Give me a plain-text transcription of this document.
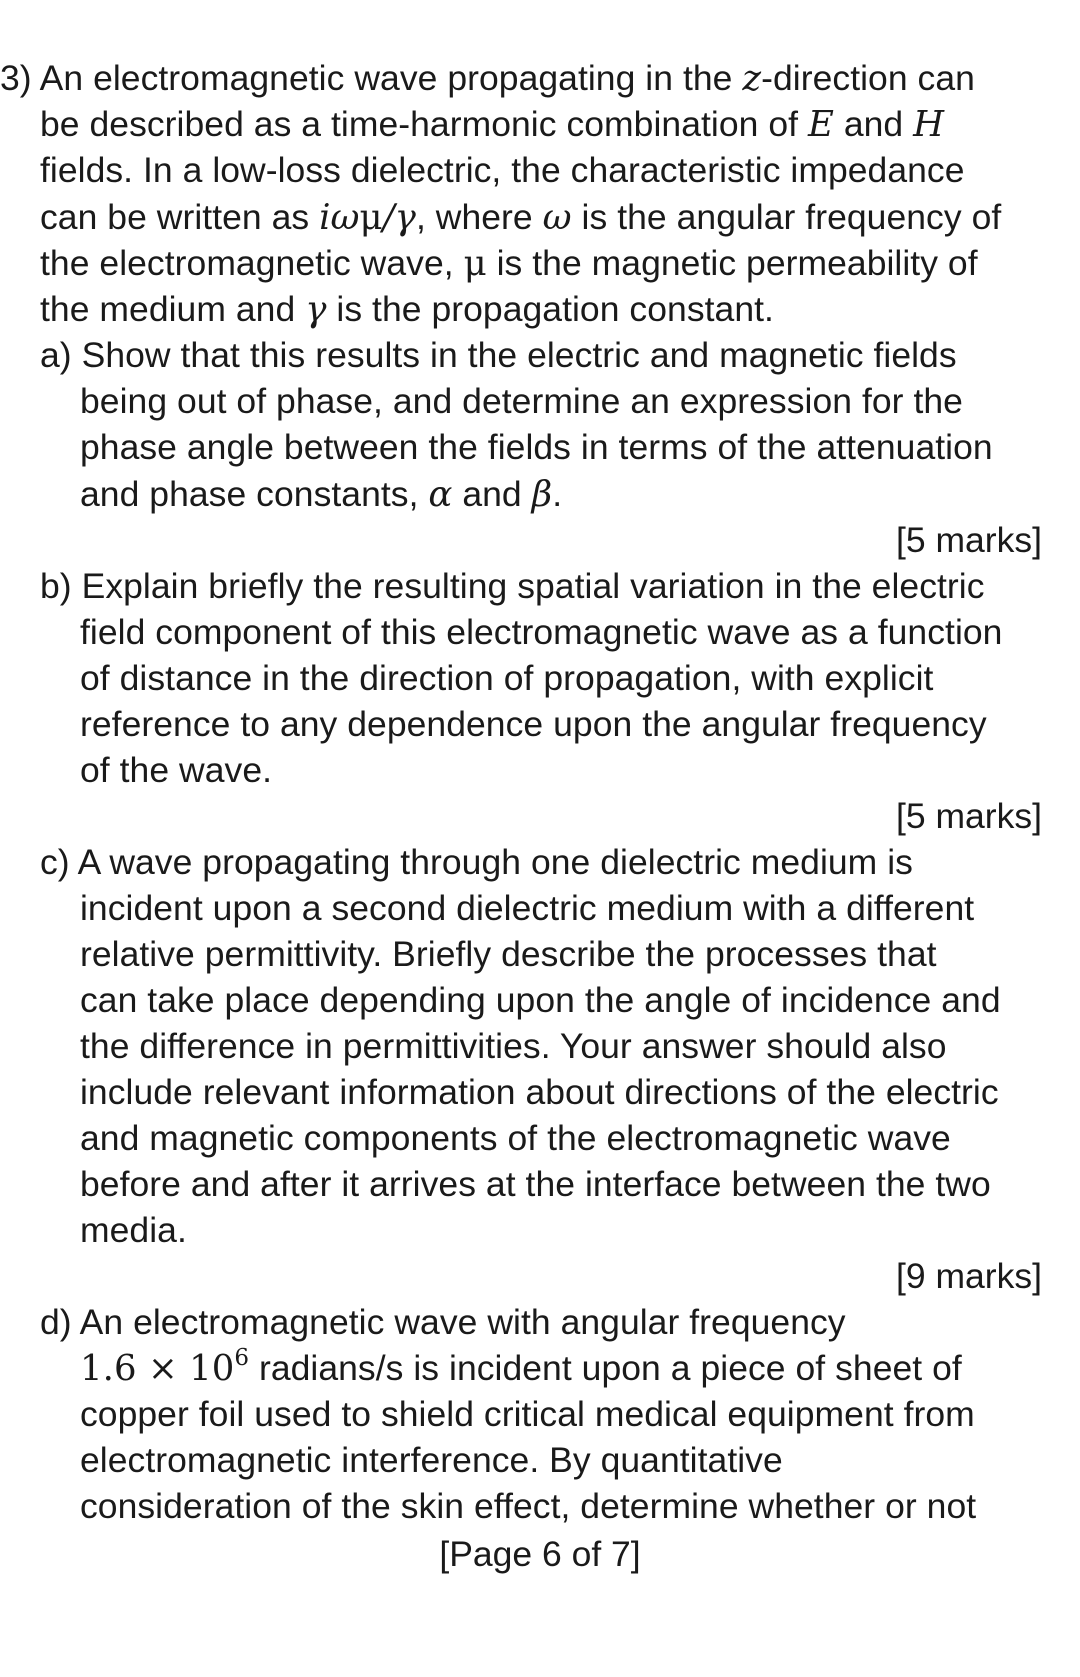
3) An electromagnetic wave propagating in the z-direction can
be described as a time-harmonic combination of E and H
fields. In a low-loss dielectric, the characteristic impedance
can be written as iωμ/γ, where ω is the angular frequency of
the electromagnetic wave, μ is the magnetic permeability of
the medium and γ is the propagation constant.
a) Show that this results in the electric and magnetic fields
being out of phase, and determine an expression for the
phase angle between the fields in terms of the attenuation
and phase constants, α and β.
[5 marks]
b) Explain briefly the resulting spatial variation in the electric
field component of this electromagnetic wave as a function
of distance in the direction of propagation, with explicit
reference to any dependence upon the angular frequency
of the wave.
[5 marks]
c) A wave propagating through one dielectric medium is
incident upon a second dielectric medium with a different
relative permittivity. Briefly describe the processes that
can take place depending upon the angle of incidence and
the difference in permittivities. Your answer should also
include relevant information about directions of the electric
and magnetic components of the electromagnetic wave
before and after it arrives at the interface between the two
media.
[9 marks]
d) An electromagnetic wave with angular frequency
$1.6 \times 10^6$ radians/s is incident upon a piece of sheet of
copper foil used to shield critical medical equipment from
electromagnetic interference. By quantitative
consideration of the skin effect, determine whether or not
[Page 6 of 7]
